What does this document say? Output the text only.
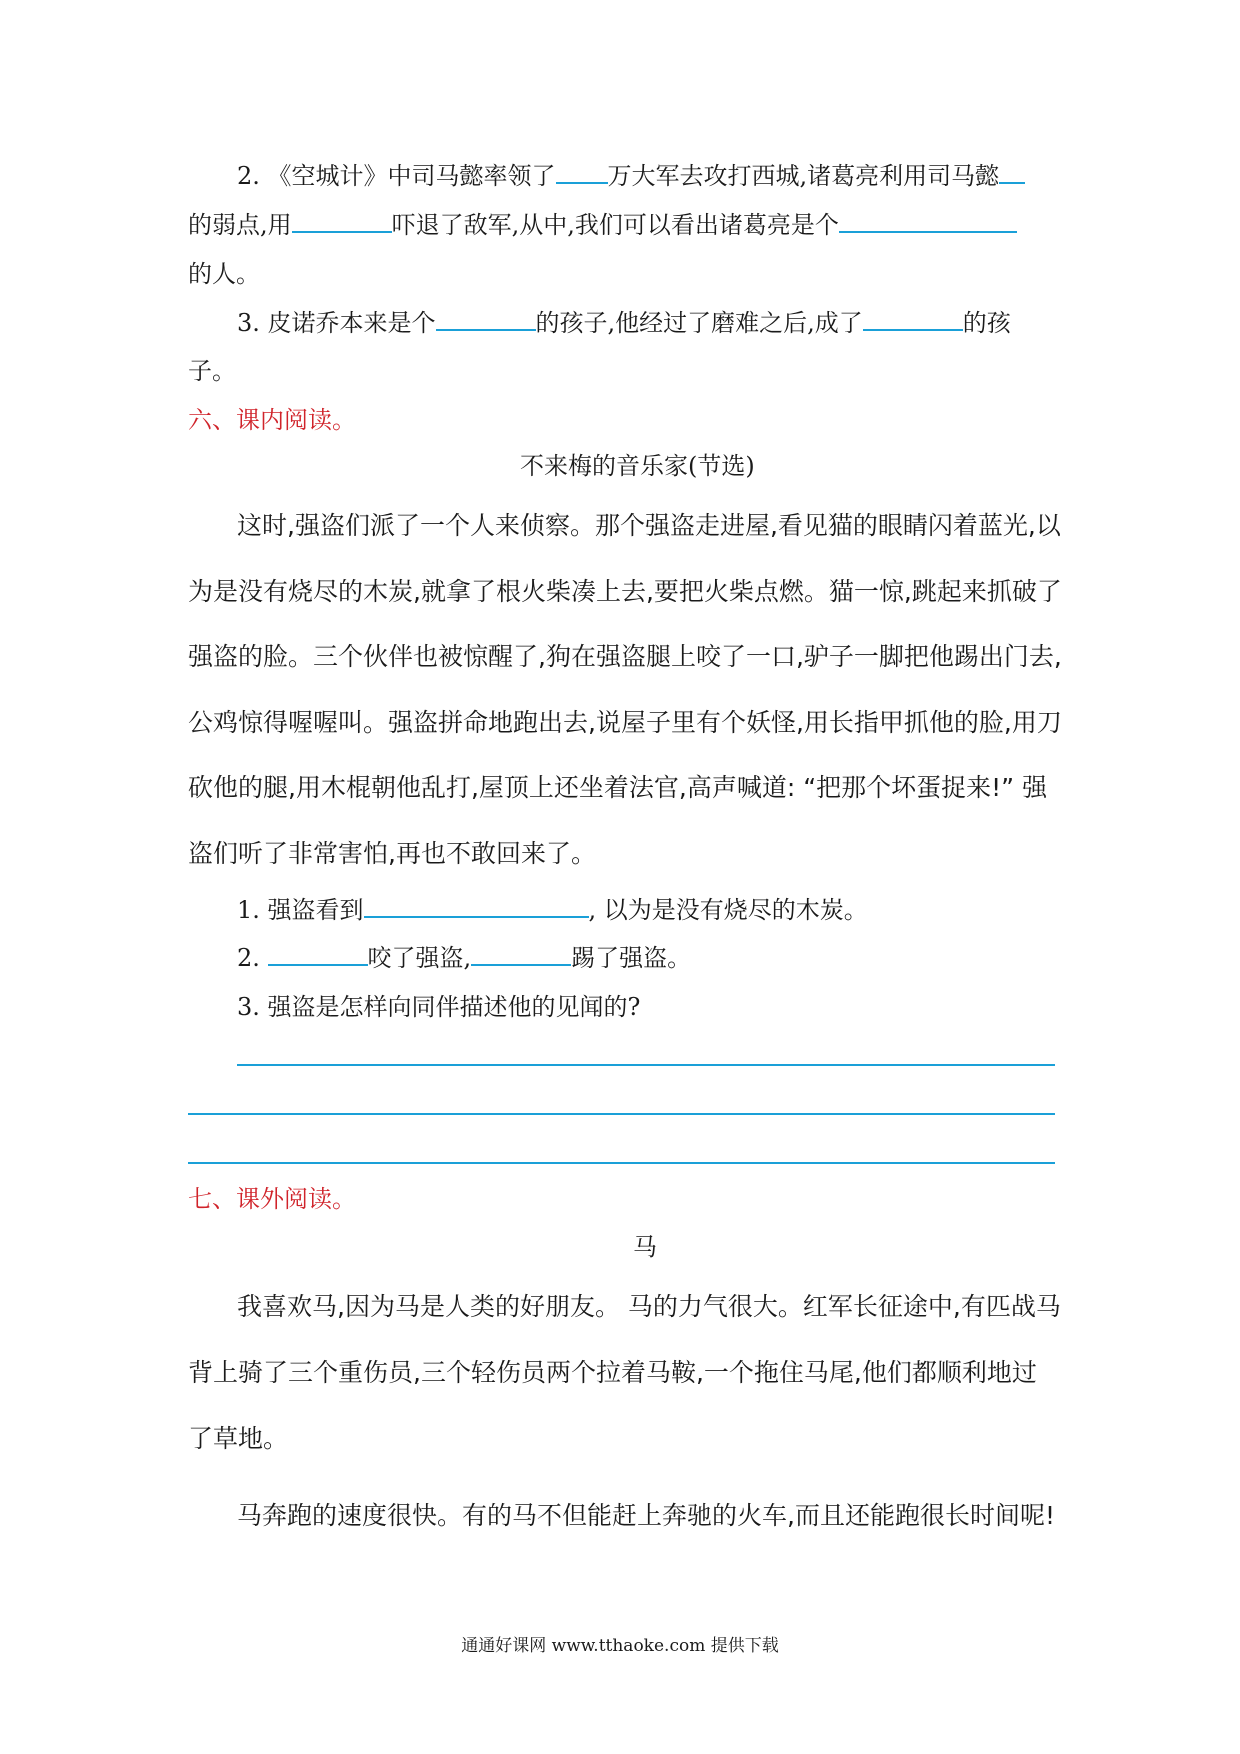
2. 《空城计》中司马懿率领了 万大军去攻打西城,诸葛亮利用司马懿
的弱点,用	吓退了敌军,从中,我们可以看出诸葛亮是个
的人。
3. 皮诺乔本来是个	的孩子,他经过了磨难之后,成了	的孩
子。
六、课内阅读。
不来梅的音乐家(节选)
这时,强盗们派了一个人来侦察。那个强盗走进屋,看见猫的眼睛闪着蓝光,以
为是没有烧尽的木炭,就拿了根火柴凑上去,要把火柴点燃。猫一惊,跳起来抓破了
强盗的脸。三个伙伴也被惊醒了,狗在强盗腿上咬了一口,驴子一脚把他踢出门去,
公鸡惊得喔喔叫。强盗拼命地跑出去,说屋子里有个妖怪,用长指甲抓他的脸,用刀
砍他的腿,用木棍朝他乱打,屋顶上还坐着法官,高声喊道: “把那个坏蛋捉来!” 强
盗们听了非常害怕,再也不敢回来了。
1. 强盗看到	, 以为是没有烧尽的木炭。
2.	咬了强盗,	踢了强盗。
3. 强盗是怎样向同伴描述他的见闻的?
七、课外阅读。
马
我喜欢马,因为马是人类的好朋友。 马的力气很大。红军长征途中,有匹战马
背上骑了三个重伤员,三个轻伤员两个拉着马鞍,一个拖住马尾,他们都顺利地过
了草地。
马奔跑的速度很快。有的马不但能赶上奔驰的火车,而且还能跑很长时间呢!
通通好课网 www.tthaoke.com 提供下载
